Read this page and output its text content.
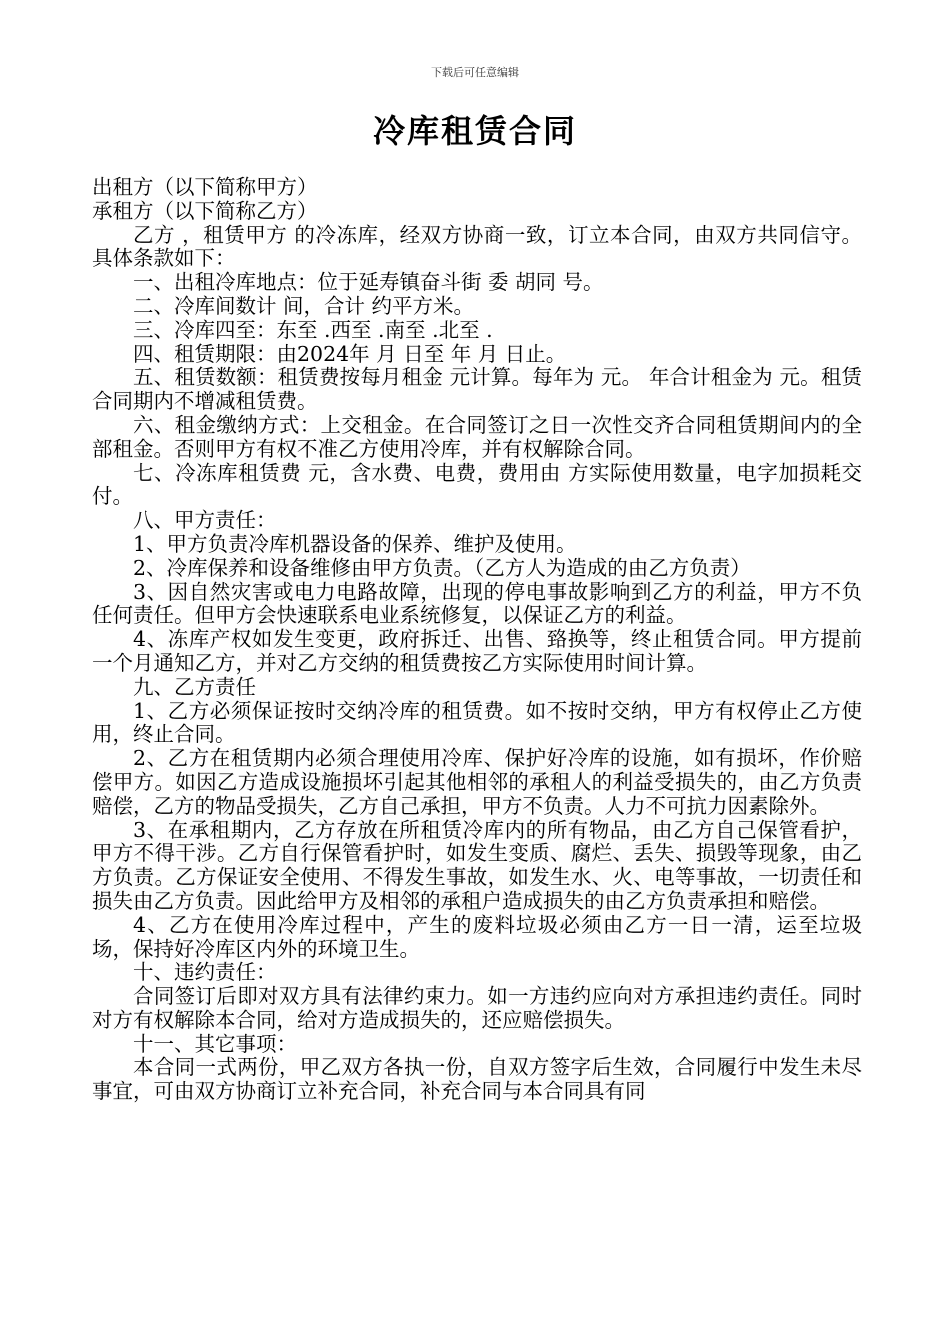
下载后可任意编辑
冷库租赁合同

出租方（以下简称甲方）

承租方（以下简称乙方）

乙方 ，租赁甲方 的冷冻库，经双方协商一致，订立本合同，由双方共同信守。具体条款如下：

一、出租冷库地点：位于延寿镇奋斗街 委 胡同 号。

二、冷库间数计 间，合计 约平方米。

三、冷库四至：东至 .西至 .南至 .北至 .

四、租赁期限：由2024年 月 日至 年 月 日止。

五、租赁数额：租赁费按每月租金 元计算。每年为 元。 年合计租金为 元。租赁合同期内不增减租赁费。

六、租金缴纳方式：上交租金。在合同签订之日一次性交齐合同租赁期间内的全部租金。否则甲方有权不准乙方使用冷库，并有权解除合同。

七、冷冻库租赁费 元，含水费、电费，费用由 方实际使用数量，电字加损耗交付。

八、甲方责任：

1、甲方负责冷库机器设备的保养、维护及使用。

2、冷库保养和设备维修由甲方负责。（乙方人为造成的由乙方负责）

3、因自然灾害或电力电路故障，出现的停电事故影响到乙方的利益，甲方不负任何责任。但甲方会快速联系电业系统修复，以保证乙方的利益。

4、冻库产权如发生变更，政府拆迁、出售、臵换等，终止租赁合同。甲方提前一个月通知乙方，并对乙方交纳的租赁费按乙方实际使用时间计算。

九、乙方责任

1、乙方必须保证按时交纳冷库的租赁费。如不按时交纳，甲方有权停止乙方使用，终止合同。

2、乙方在租赁期内必须合理使用冷库、保护好冷库的设施，如有损坏，作价赔偿甲方。如因乙方造成设施损坏引起其他相邻的承租人的利益受损失的，由乙方负责赔偿，乙方的物品受损失，乙方自己承担，甲方不负责。人力不可抗力因素除外。

3、在承租期内，乙方存放在所租赁冷库内的所有物品，由乙方自己保管看护，甲方不得干涉。乙方自行保管看护时，如发生变质、腐烂、丢失、损毁等现象，由乙方负责。乙方保证安全使用、不得发生事故，如发生水、火、电等事故，一切责任和损失由乙方负责。因此给甲方及相邻的承租户造成损失的由乙方负责承担和赔偿。

4、乙方在使用冷库过程中，产生的废料垃圾必须由乙方一日一清，运至垃圾场，保持好冷库区内外的环境卫生。

十、违约责任：

合同签订后即对双方具有法律约束力。如一方违约应向对方承担违约责任。同时对方有权解除本合同，给对方造成损失的，还应赔偿损失。

十一、其它事项：

本合同一式两份，甲乙双方各执一份，自双方签字后生效，合同履行中发生未尽事宜，可由双方协商订立补充合同，补充合同与本合同具有同
